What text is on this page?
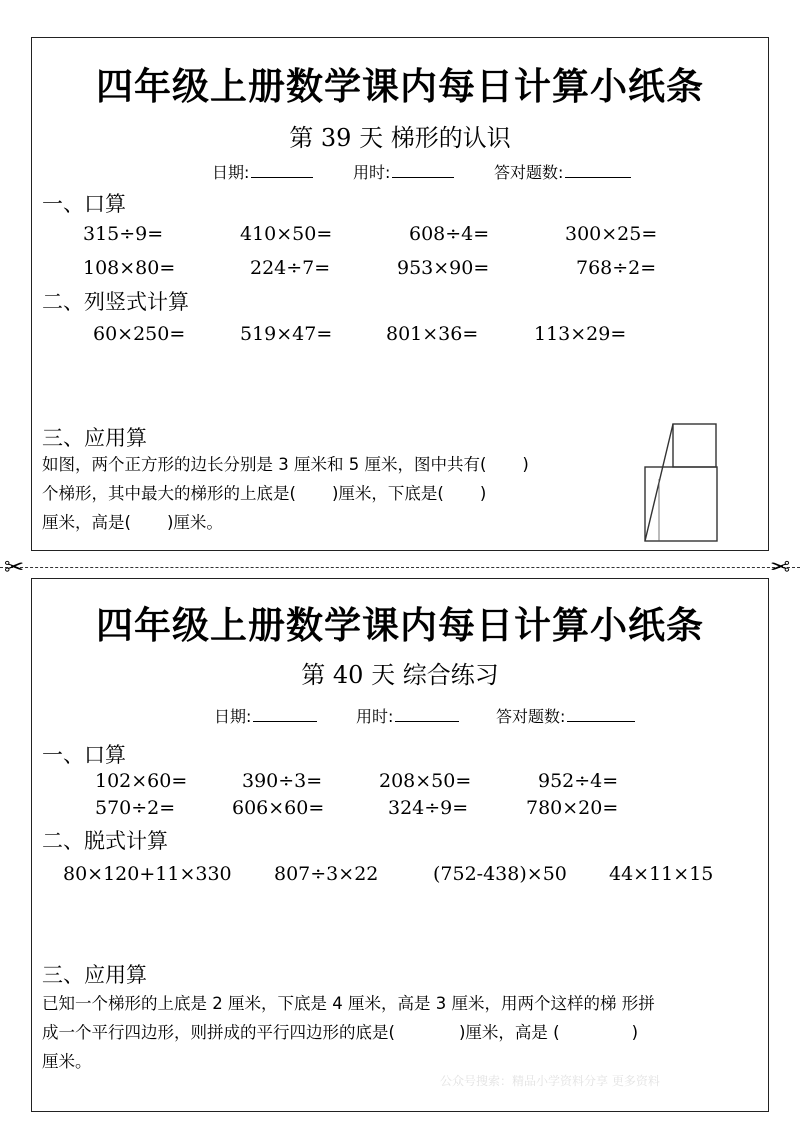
四年级上册数学课内每日计算小纸条
第 39 天 梯形的认识
日期:	用时:	答对题数:
一、口算
315÷9=	410×50=	608÷4=	300×25=
108×80=	224÷7=	953×90=	768÷2=
二、列竖式计算
60×250=	519×47=	801×36=	113×29=
三、应用算
如图，两个正方形的边长分别是 3 厘米和 5 厘米，图中共有( )
个梯形，其中最大的梯形的上底是( )厘米，下底是( )
厘米，高是( )厘米。
✂	✂
四年级上册数学课内每日计算小纸条
第 40 天 综合练习
日期:	用时:	答对题数:
一、口算
102×60=	390÷3=	208×50=	952÷4=
570÷2=	606×60=	324÷9=	780×20=
二、脱式计算
80×120+11×330 807÷3×22	(752-438)×50 44×11×15
三、应用算
已知一个梯形的上底是 2 厘米，下底是 4 厘米，高是 3 厘米，用两个这样的梯 形拼
成一个平行四边形，则拼成的平行四边形的底是(	)厘米，高是 (	)
厘米。
公众号搜索：精品小学资料分享 更多资料
